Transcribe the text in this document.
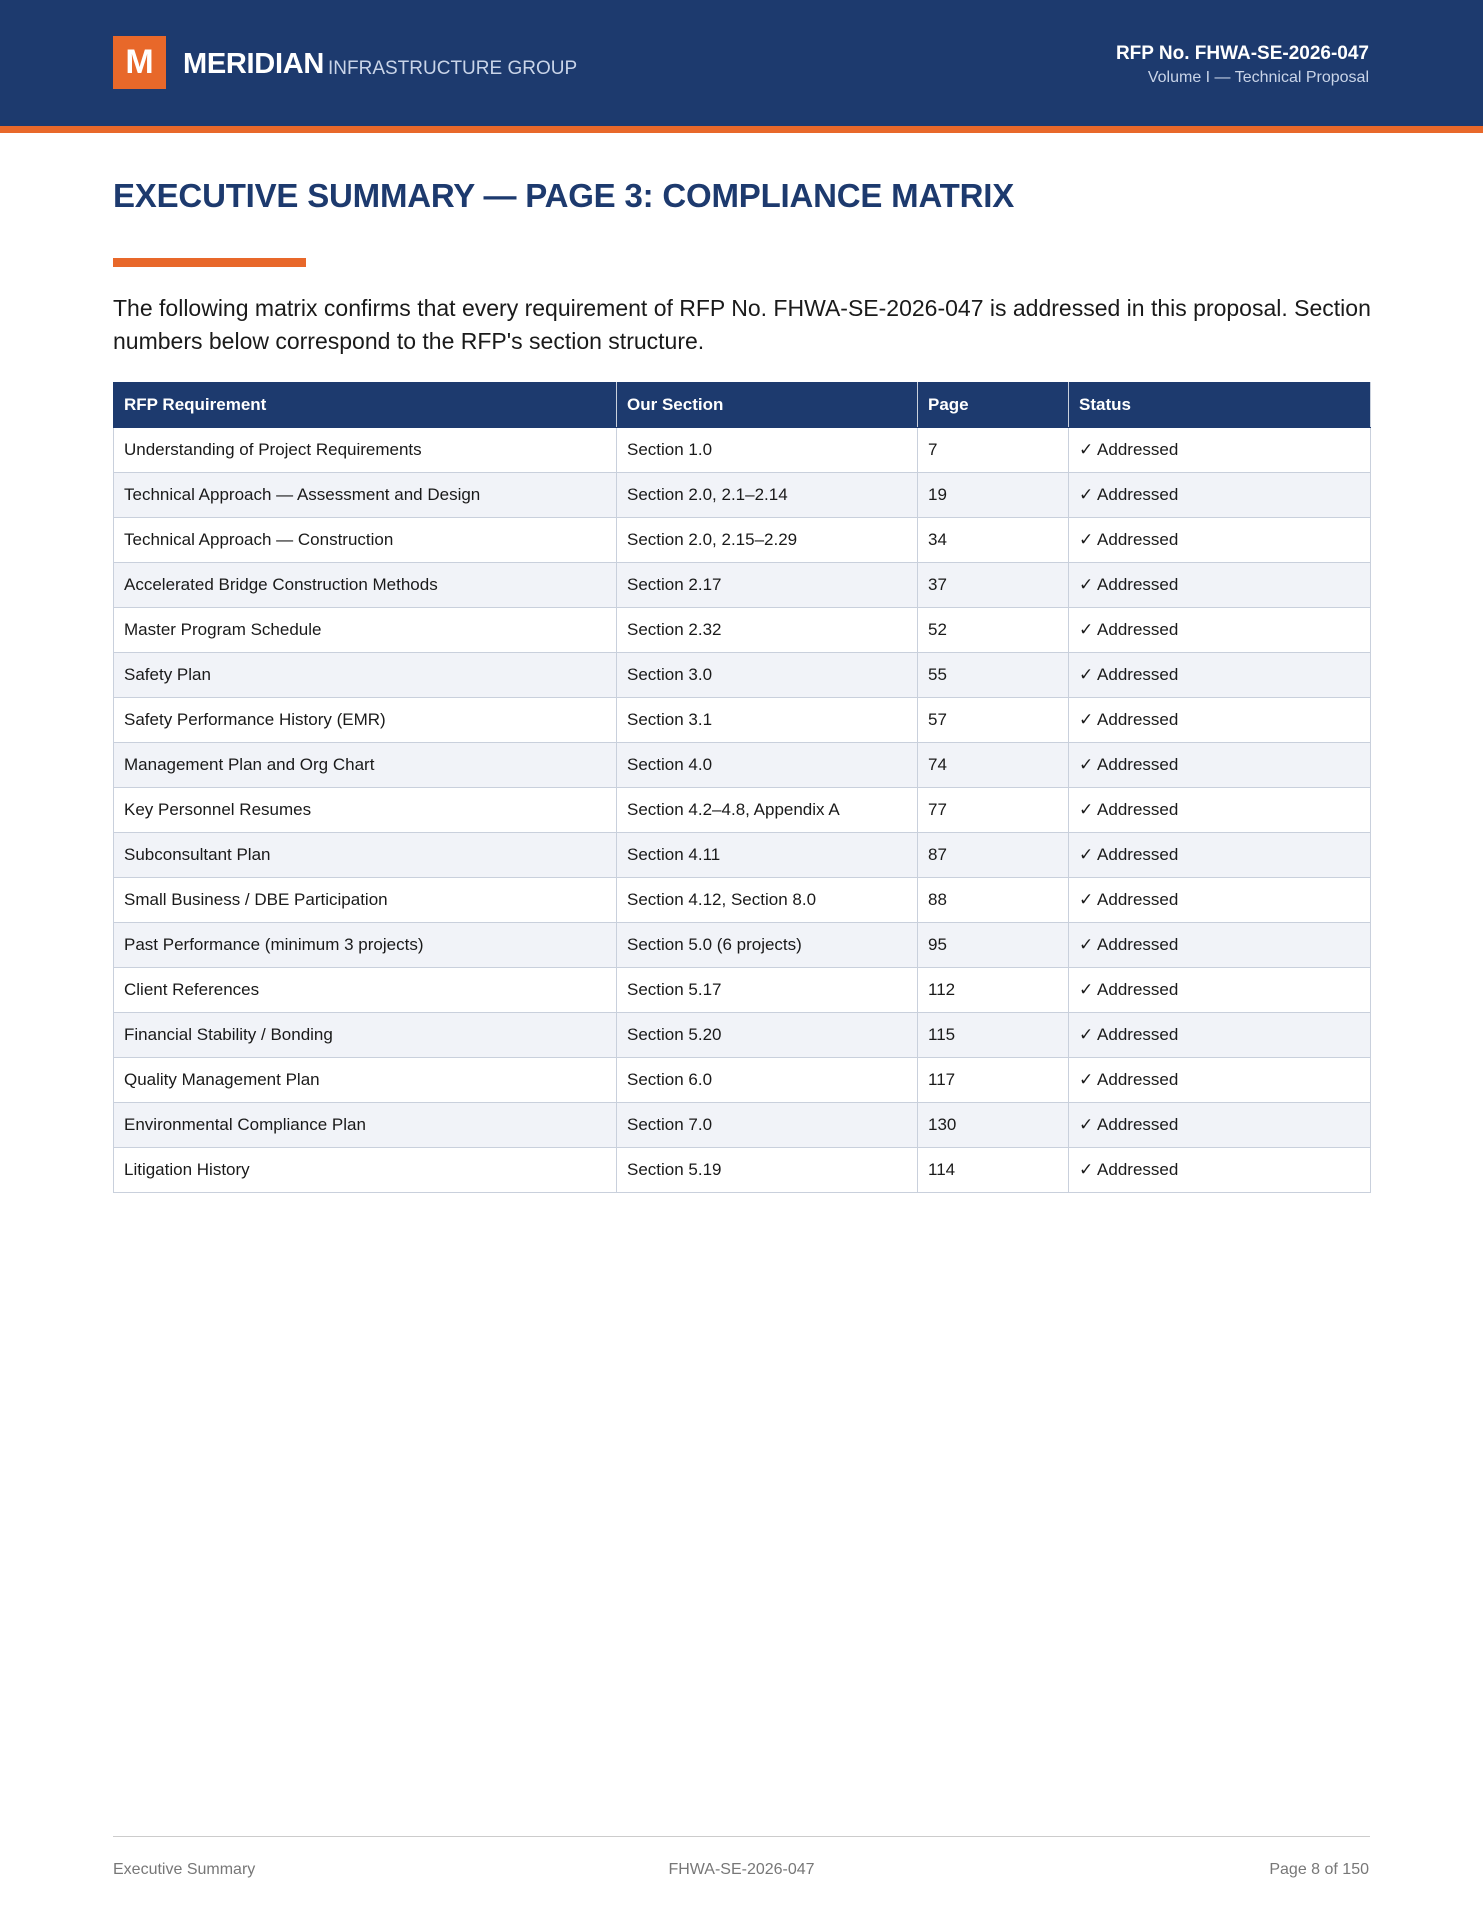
M	MERIDIAN INFRASTRUCTURE GROUP
RFP No. FHWA-SE-2026-047
Volume I — Technical Proposal
EXECUTIVE SUMMARY — PAGE 3: COMPLIANCE MATRIX

The following matrix confirms that every requirement of RFP No. FHWA-SE-2026-047 is addressed in this proposal. Section numbers below correspond to the RFP's section structure.

RFP Requirement	Our Section	Page	Status
Understanding of Project Requirements	Section 1.0	7	✓ Addressed
Technical Approach — Assessment and Design	Section 2.0, 2.1–2.14	19	✓ Addressed
Technical Approach — Construction	Section 2.0, 2.15–2.29	34	✓ Addressed
Accelerated Bridge Construction Methods	Section 2.17	37	✓ Addressed
Master Program Schedule	Section 2.32	52	✓ Addressed
Safety Plan	Section 3.0	55	✓ Addressed
Safety Performance History (EMR)	Section 3.1	57	✓ Addressed
Management Plan and Org Chart	Section 4.0	74	✓ Addressed
Key Personnel Resumes	Section 4.2–4.8, Appendix A	77	✓ Addressed
Subconsultant Plan	Section 4.11	87	✓ Addressed
Small Business / DBE Participation	Section 4.12, Section 8.0	88	✓ Addressed
Past Performance (minimum 3 projects)	Section 5.0 (6 projects)	95	✓ Addressed
Client References	Section 5.17	112	✓ Addressed
Financial Stability / Bonding	Section 5.20	115	✓ Addressed
Quality Management Plan	Section 6.0	117	✓ Addressed
Environmental Compliance Plan	Section 7.0	130	✓ Addressed
Litigation History	Section 5.19	114	✓ Addressed
Executive Summary	FHWA-SE-2026-047	Page 8 of 150
